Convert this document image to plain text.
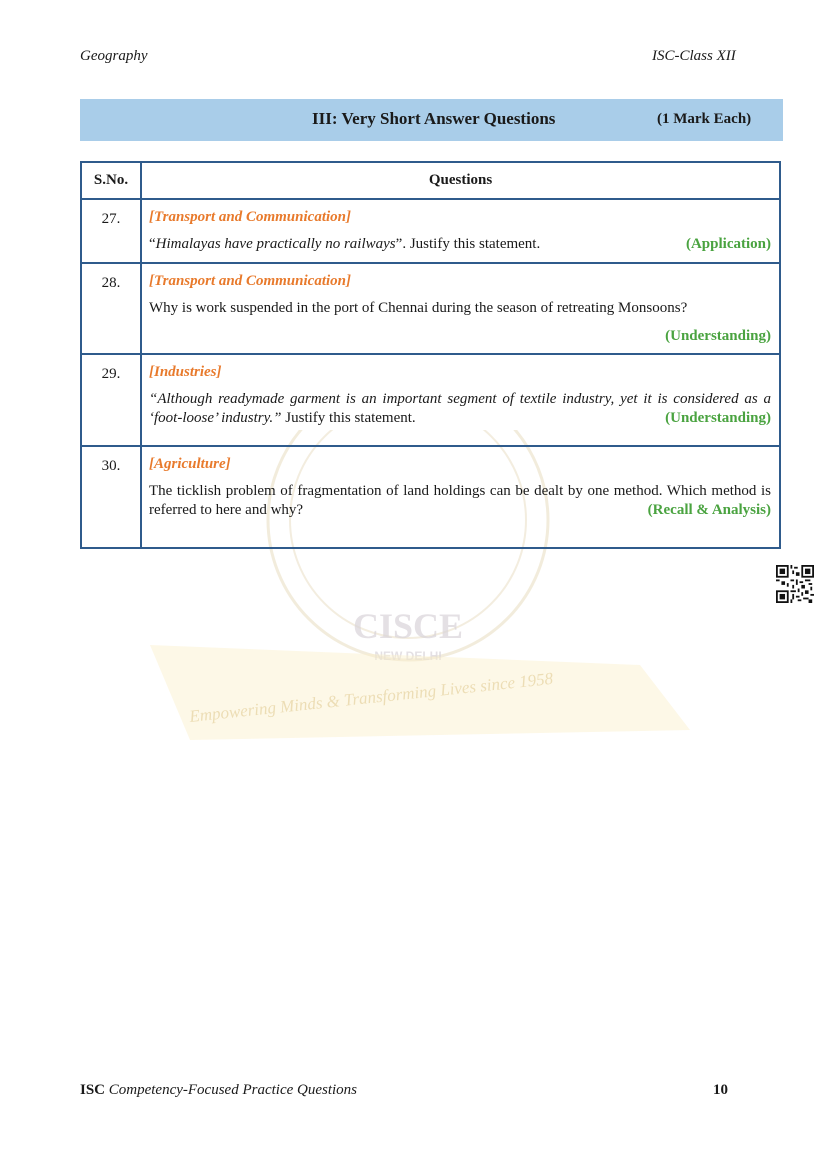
Geography	ISC-Class XII
III: Very Short Answer Questions	(1 Mark Each)
CISCE
NEW DELHI
Empowering Minds & Transforming Lives since 1958
S.No.	Questions
27.	[Transport and Communication]
(Application)
“Himalayas have practically no railways”. Justify this statement.

28.	[Transport and Communication]
Why is work suspended in the port of Chennai during the season of retreating Monsoons?
(Understanding)

29.	[Industries]
“Although readymade garment is an important segment of textile industry, yet it is considered as a ‘foot-loose’ industry.” Justify this statement. (Understanding)

30.	[Agriculture]
The ticklish problem of fragmentation of land holdings can be dealt by one method. Which method is referred to here and why? (Recall & Analysis)
ISC Competency-Focused Practice Questions	10
